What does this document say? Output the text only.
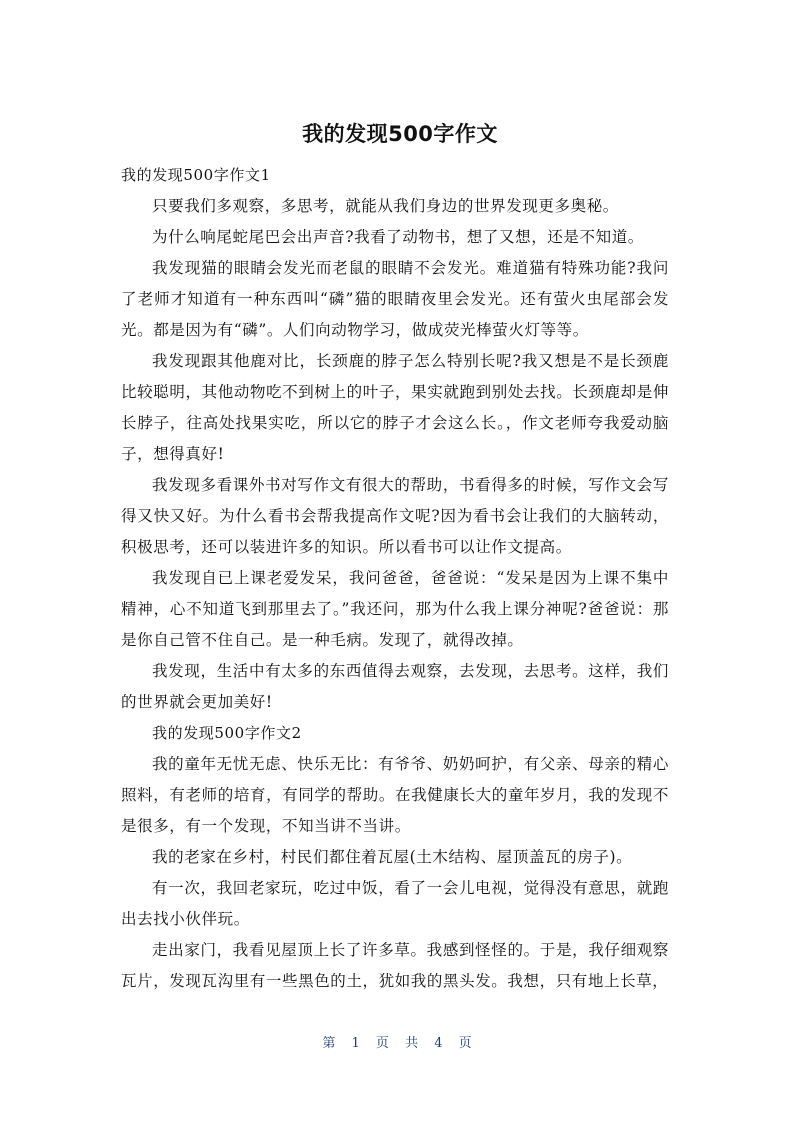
我的发现500字作文

我的发现500字作文1

只要我们多观察，多思考，就能从我们身边的世界发现更多奥秘。

为什么响尾蛇尾巴会出声音?我看了动物书，想了又想，还是不知道。

我发现猫的眼睛会发光而老鼠的眼睛不会发光。难道猫有特殊功能?我问了老师才知道有一种东西叫“磷”猫的眼睛夜里会发光。还有萤火虫尾部会发光。都是因为有“磷”。人们向动物学习，做成荧光棒萤火灯等等。

我发现跟其他鹿对比，长颈鹿的脖子怎么特别长呢?我又想是不是长颈鹿比较聪明，其他动物吃不到树上的叶子，果实就跑到别处去找。长颈鹿却是伸长脖子，往高处找果实吃，所以它的脖子才会这么长。，作文老师夸我爱动脑子，想得真好!

我发现多看课外书对写作文有很大的帮助，书看得多的时候，写作文会写得又快又好。为什么看书会帮我提高作文呢?因为看书会让我们的大脑转动，积极思考，还可以装进许多的知识。所以看书可以让作文提高。

我发现自已上课老爱发呆，我问爸爸，爸爸说：“发呆是因为上课不集中精神，心不知道飞到那里去了。”我还问，那为什么我上课分神呢?爸爸说：那是你自己管不住自己。是一种毛病。发现了，就得改掉。

我发现，生活中有太多的东西值得去观察，去发现，去思考。这样，我们的世界就会更加美好!

我的发现500字作文2

我的童年无忧无虑、快乐无比：有爷爷、奶奶呵护，有父亲、母亲的精心照料，有老师的培育，有同学的帮助。在我健康长大的童年岁月，我的发现不是很多，有一个发现，不知当讲不当讲。

我的老家在乡村，村民们都住着瓦屋(土木结构、屋顶盖瓦的房子)。

有一次，我回老家玩，吃过中饭，看了一会儿电视，觉得没有意思，就跑出去找小伙伴玩。

走出家门，我看见屋顶上长了许多草。我感到怪怪的。于是，我仔细观察瓦片，发现瓦沟里有一些黑色的土，犹如我的黑头发。我想，只有地上长草，

第 1 页 共 4 页
